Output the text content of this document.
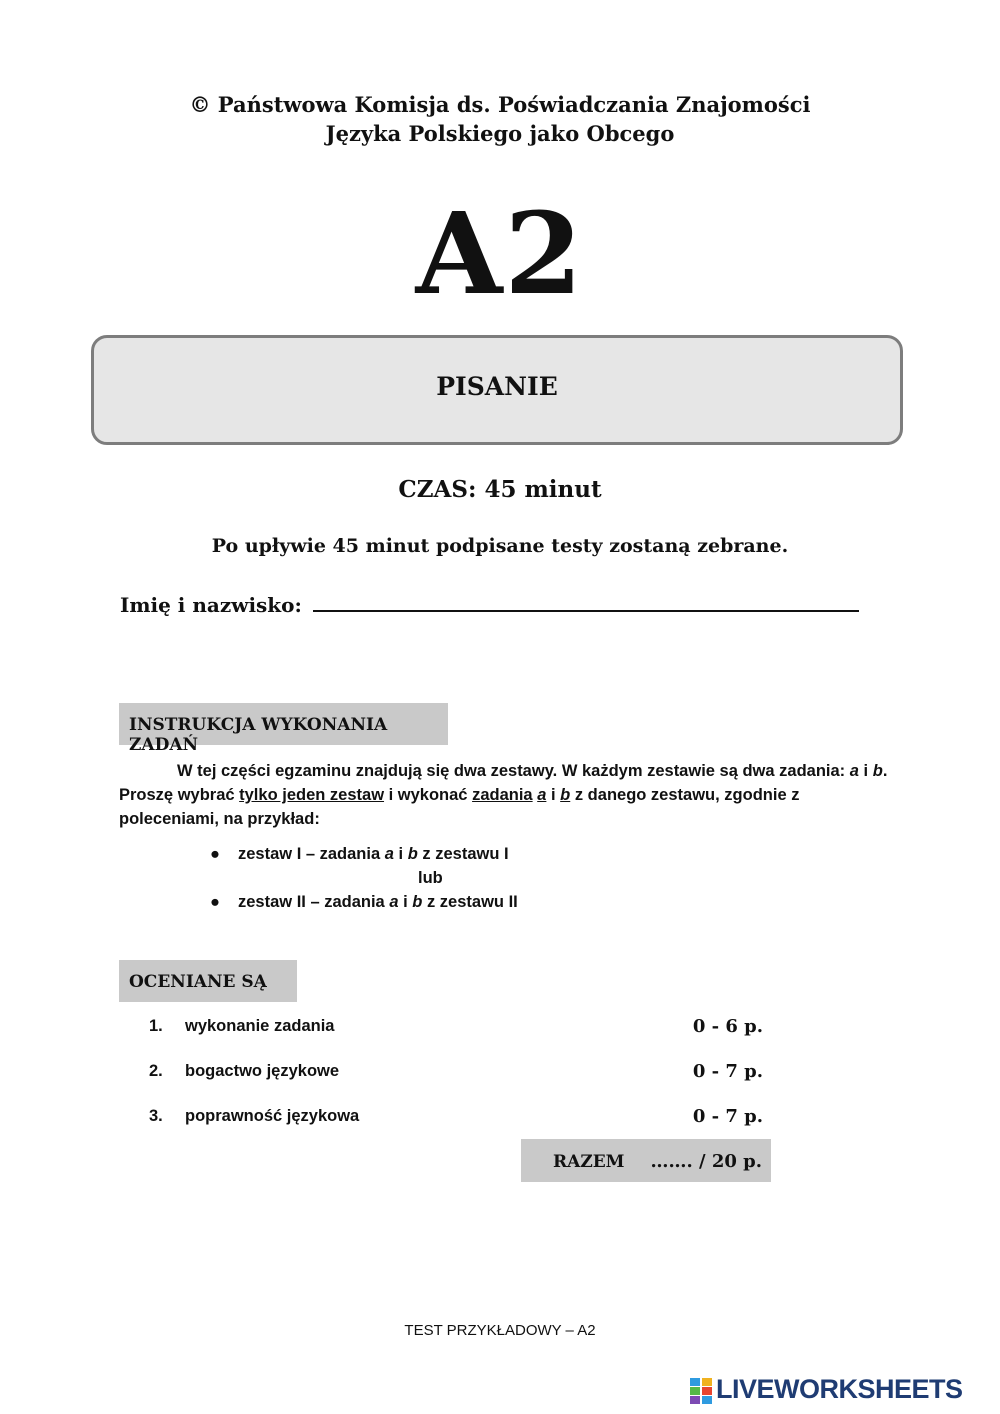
© Państwowa Komisja ds. Poświadczania Znajomości
Języka Polskiego jako Obcego
A2
PISANIE
CZAS: 45 minut
Po upływie 45 minut podpisane testy zostaną zebrane.
Imię i nazwisko:
INSTRUKCJA WYKONANIA ZADAŃ
W tej części egzaminu znajdują się dwa zestawy. W każdym zestawie są dwa zadania: a i b. Proszę wybrać tylko jeden zestaw i wykonać zadania a i b z danego zestawu, zgodnie z poleceniami, na przykład:
● zestaw I – zadania a i b z zestawu I
lub
● zestaw II – zadania a i b z zestawu II
OCENIANE SĄ
1. wykonanie zadania	0 - 6 p.
2. bogactwo językowe	0 - 7 p.
3. poprawność językowa	0 - 7 p.
RAZEM ……. / 20 p.
TEST PRZYKŁADOWY – A2
LIVEWORKSHEETS
